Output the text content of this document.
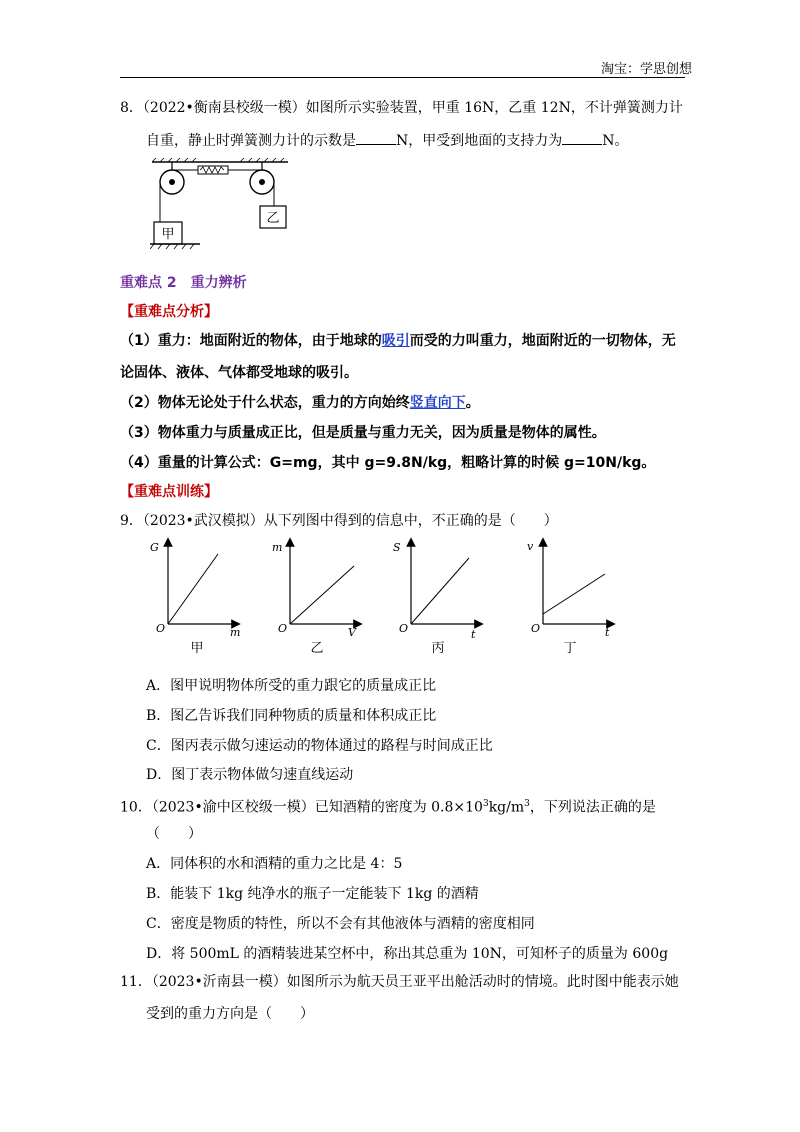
淘宝：学思创想
8．（2022•衡南县校级一模）如图所示实验装置，甲重 16N，乙重 12N，不计弹簧测力计
自重，静止时弹簧测力计的示数是	N，甲受到地面的支持力为	N。
甲
乙
重难点 2　重力辨析
【重难点分析】
（1）重力：地面附近的物体，由于地球的吸引而受的力叫重力，地面附近的一切物体，无
论固体、液体、气体都受地球的吸引。
（2）物体无论处于什么状态，重力的方向始终竖直向下。
（3）物体重力与质量成正比，但是质量与重力无关，因为质量是物体的属性。
（4）重量的计算公式：G=mg，其中 g=9.8N/kg，粗略计算的时候 g=10N/kg。
【重难点训练】
9．（2023•武汉模拟）从下列图中得到的信息中，不正确的是（　　）
G
m
O
甲
m
V
O
乙
S
t
O
丙
v
t
O
丁
A．图甲说明物体所受的重力跟它的质量成正比
B．图乙告诉我们同种物质的质量和体积成正比
C．图丙表示做匀速运动的物体通过的路程与时间成正比
D．图丁表示物体做匀速直线运动
10．（2023•渝中区校级一模）已知酒精的密度为 $0.8\times 10^3kg/m^3$，下列说法正确的是
（　　）
A．同体积的水和酒精的重力之比是 4：5
B．能装下 1kg 纯净水的瓶子一定能装下 1kg 的酒精
C．密度是物质的特性，所以不会有其他液体与酒精的密度相同
D．将 500mL 的酒精装进某空杯中，称出其总重为 10N，可知杯子的质量为 600g
11．（2023•沂南县一模）如图所示为航天员王亚平出舱活动时的情境。此时图中能表示她
受到的重力方向是（　　）
